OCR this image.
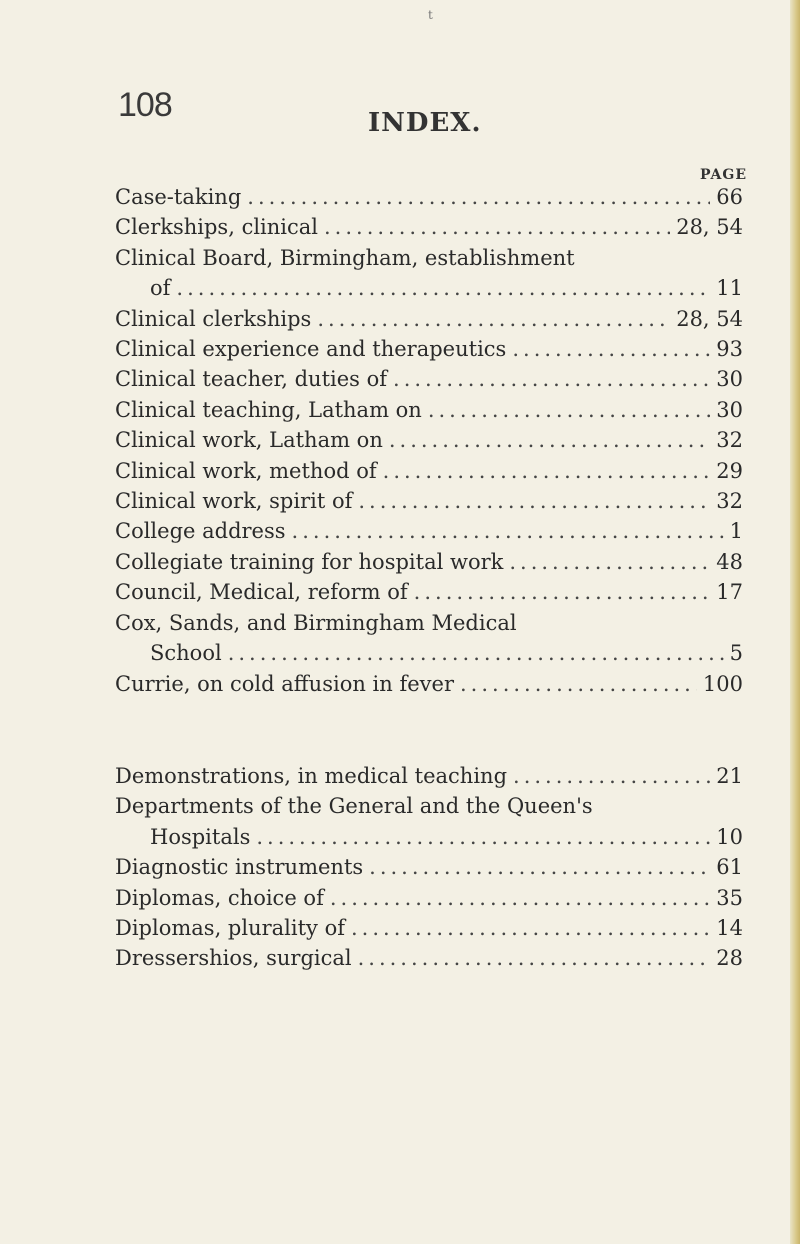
t
108	INDEX.
PAGE
Case-taking .....	66
Clerkships, clinical .....	28, 54
Clinical Board, Birmingham, establishment
of .....	11
Clinical clerkships .....	28, 54
Clinical experience and therapeutics .....	93
Clinical teacher, duties of .....	30
Clinical teaching, Latham on .....	30
Clinical work, Latham on .....	32
Clinical work, method of .....	29
Clinical work, spirit of .....	32
College address .....	1
Collegiate training for hospital work .....	48
Council, Medical, reform of .....	17
Cox, Sands, and Birmingham Medical
School .....	5
Currie, on cold affusion in fever .....	100
Demonstrations, in medical teaching .....	21
Departments of the General and the Queen's
Hospitals .....	10
Diagnostic instruments .....	61
Diplomas, choice of .....	35
Diplomas, plurality of .....	14
Dressershios, surgical .....	28
